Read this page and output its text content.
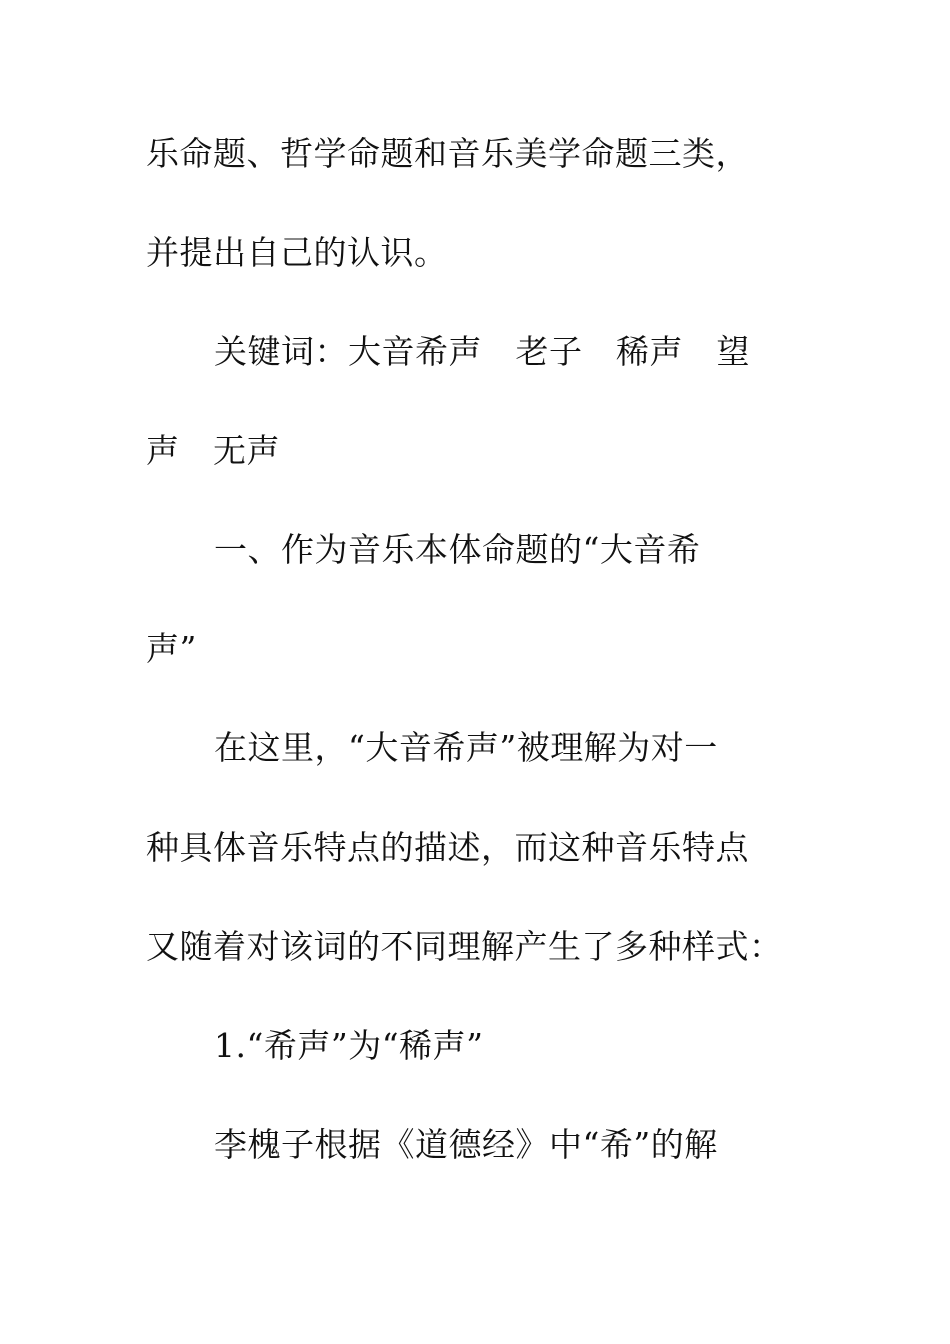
乐命题、哲学命题和音乐美学命题三类，
并提出自己的认识。
关键词：大音希声　老子　稀声　望
声　无声
一、作为音乐本体命题的“大音希
声”
在这里，“大音希声”被理解为对一
种具体音乐特点的描述，而这种音乐特点
又随着对该词的不同理解产生了多种样式：
1.“希声”为“稀声”
李槐子根据《道德经》中“希”的解
